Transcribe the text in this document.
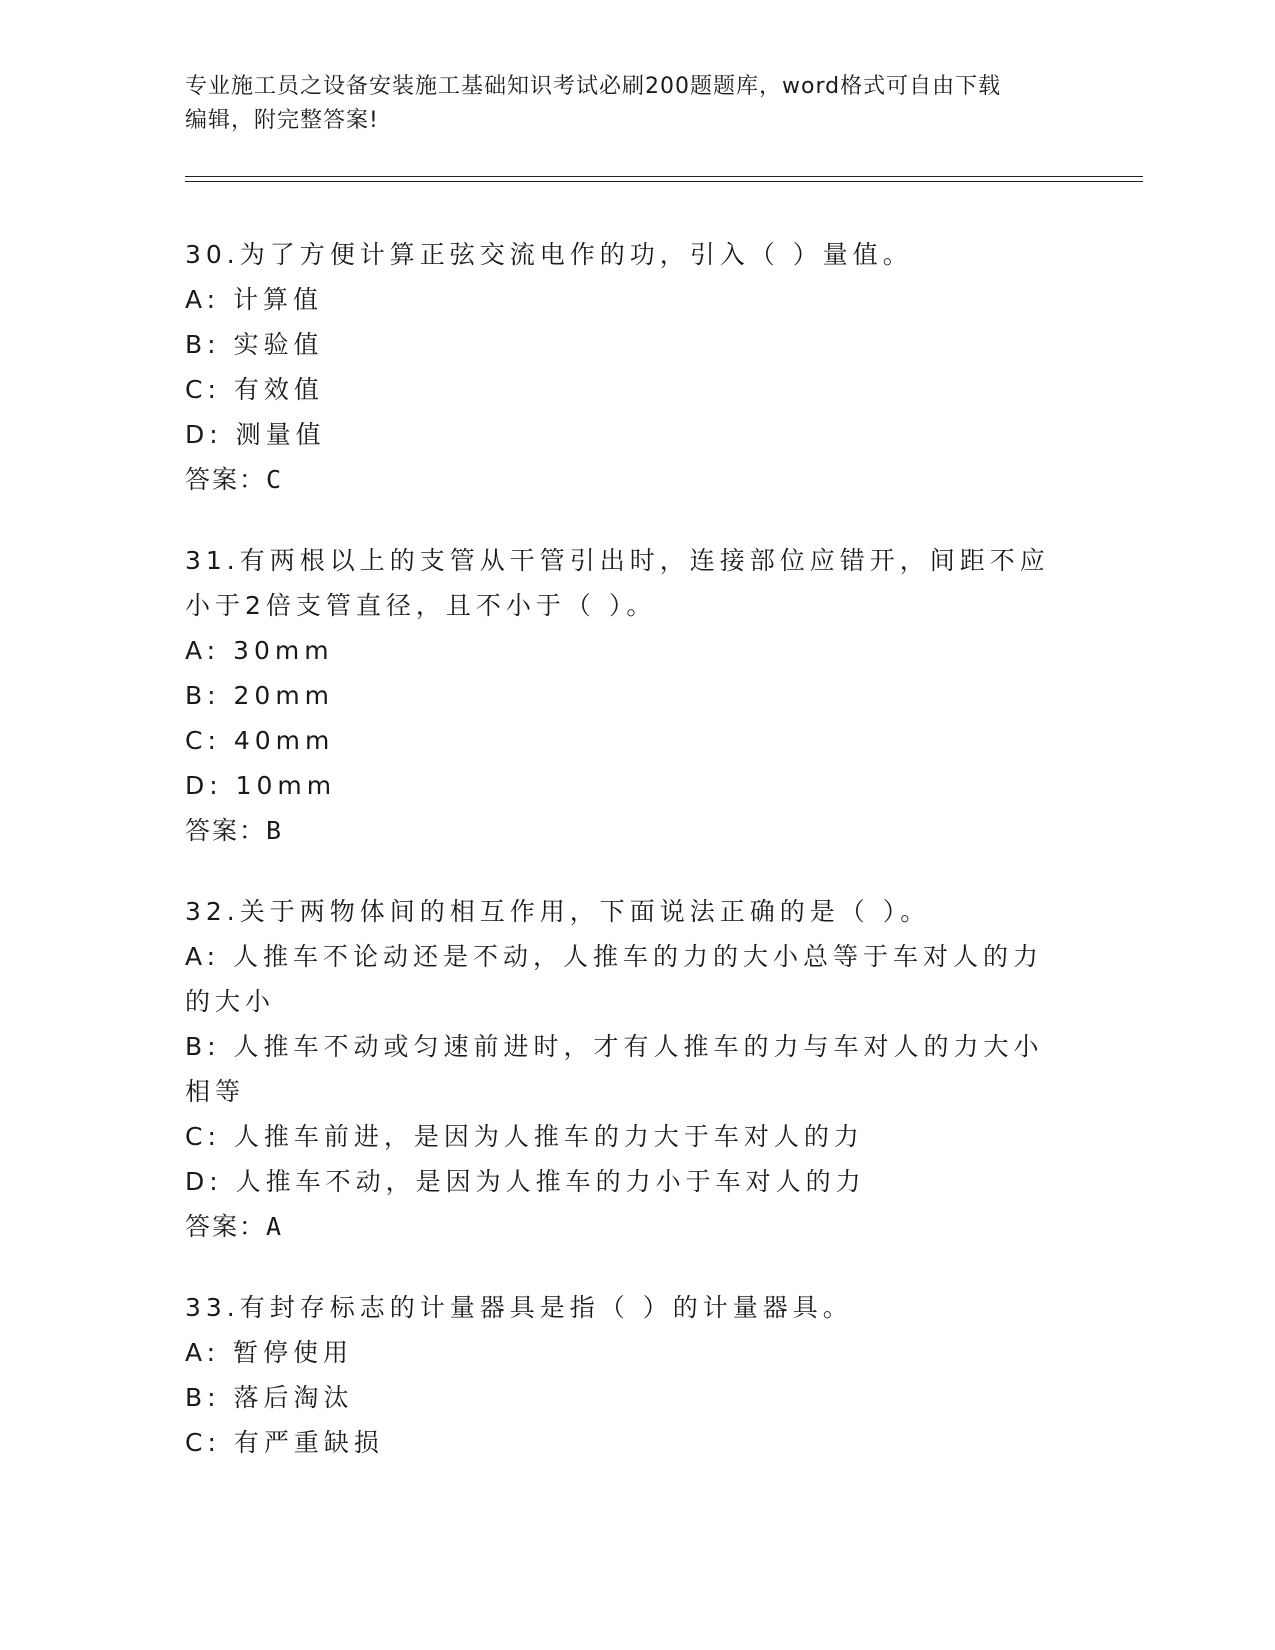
专业施工员之设备安装施工基础知识考试必刷200题题库，word格式可自由下载
编辑，附完整答案!
30.为了方便计算正弦交流电作的功，引入（ ）量值。
A: 计算值
B: 实验值
C: 有效值
D: 测量值
答案：C
31.有两根以上的支管从干管引出时，连接部位应错开，间距不应小于2倍支管直径，且不小于（ ）。
A: 30mm
B: 20mm
C: 40mm
D: 10mm
答案：B
32.关于两物体间的相互作用，下面说法正确的是（ ）。
A: 人推车不论动还是不动，人推车的力的大小总等于车对人的力的大小
B: 人推车不动或匀速前进时，才有人推车的力与车对人的力大小相等
C: 人推车前进，是因为人推车的力大于车对人的力
D: 人推车不动，是因为人推车的力小于车对人的力
答案：A
33.有封存标志的计量器具是指（ ）的计量器具。
A: 暂停使用
B: 落后淘汰
C: 有严重缺损
